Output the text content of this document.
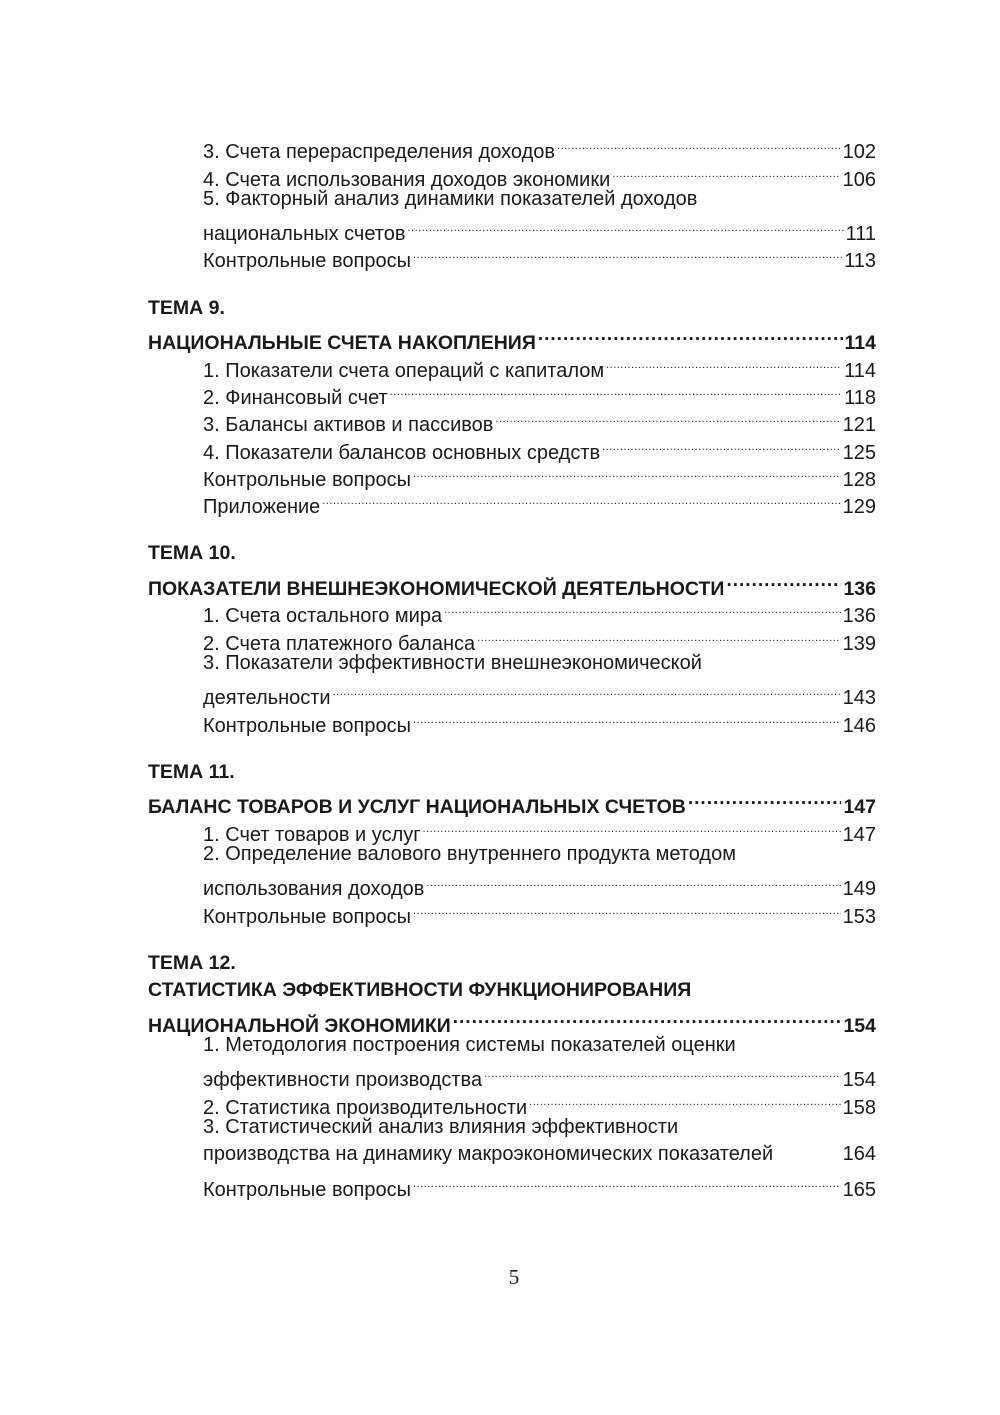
3. Счета перераспределения доходов .....	102
4. Счета использования доходов экономики .....	106
5. Факторный анализ динамики показателей доходов
национальных счетов .....	111
Контрольные вопросы .....	113
ТЕМА 9.
НАЦИОНАЛЬНЫЕ СЧЕТА НАКОПЛЕНИЯ .....	114
1. Показатели счета операций с капиталом .....	114
2. Финансовый счет .....	118
3. Балансы активов и пассивов .....	121
4. Показатели балансов основных средств .....	125
Контрольные вопросы .....	128
Приложение .....	129
ТЕМА 10.
ПОКАЗАТЕЛИ ВНЕШНЕЭКОНОМИЧЕСКОЙ ДЕЯТЕЛЬНОСТИ .....	136
1. Счета остального мира .....	136
2. Счета платежного баланса .....	139
3. Показатели эффективности внешнеэкономической
деятельности .....	143
Контрольные вопросы .....	146
ТЕМА 11.
БАЛАНС ТОВАРОВ И УСЛУГ НАЦИОНАЛЬНЫХ СЧЕТОВ .....	147
1. Счет товаров и услуг .....	147
2. Определение валового внутреннего продукта методом
использования доходов .....	149
Контрольные вопросы .....	153
ТЕМА 12.
СТАТИСТИКА ЭФФЕКТИВНОСТИ ФУНКЦИОНИРОВАНИЯ
НАЦИОНАЛЬНОЙ ЭКОНОМИКИ .....	154
1. Методология построения системы показателей оценки
эффективности производства .....	154
2. Статистика производительности .....	158
3. Статистический анализ влияния эффективности
производства на динамику макроэкономических показателей	164
Контрольные вопросы .....	165
5
